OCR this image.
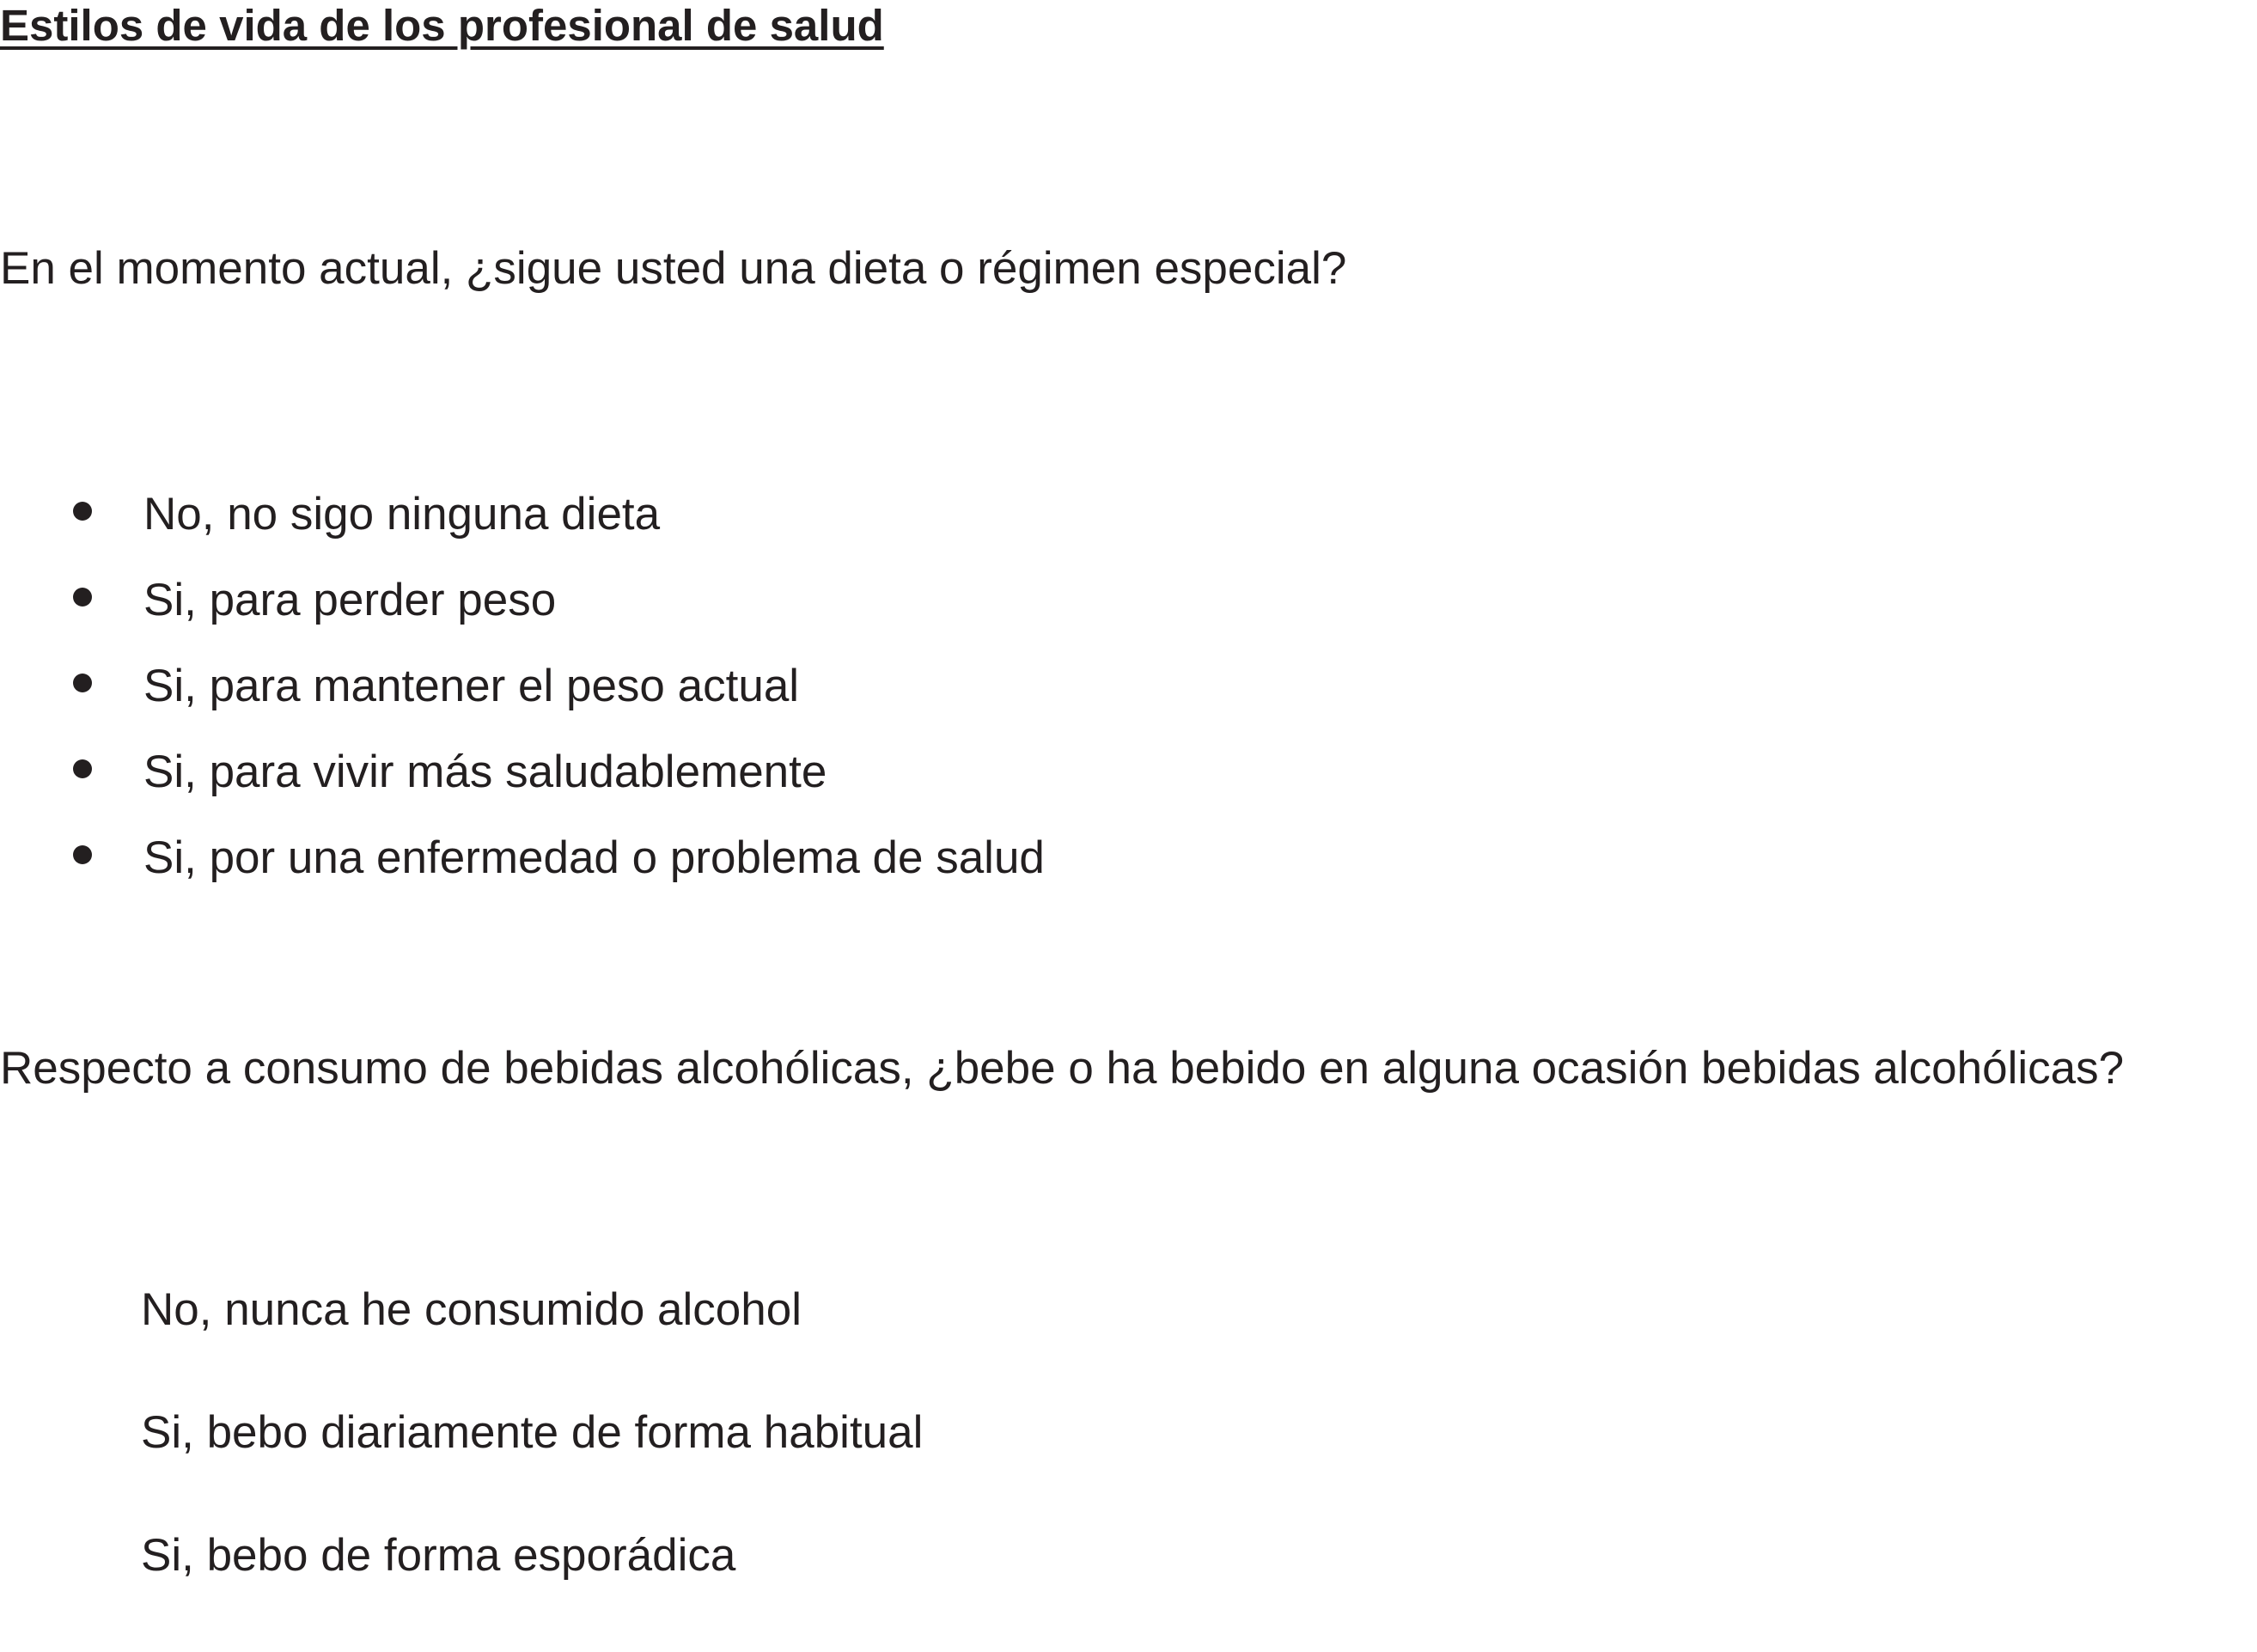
Estilos de vida de los profesional de salud

En el momento actual, ¿sigue usted una dieta o régimen especial?

No, no sigo ninguna dieta
Si, para perder peso
Si, para mantener el peso actual
Si, para vivir más saludablemente
Si, por una enfermedad o problema de salud

Respecto a consumo de bebidas alcohólicas, ¿bebe o ha bebido en alguna ocasión bebidas alcohólicas?

No, nunca he consumido alcohol
Si, bebo diariamente de forma habitual
Si, bebo de forma esporádica
